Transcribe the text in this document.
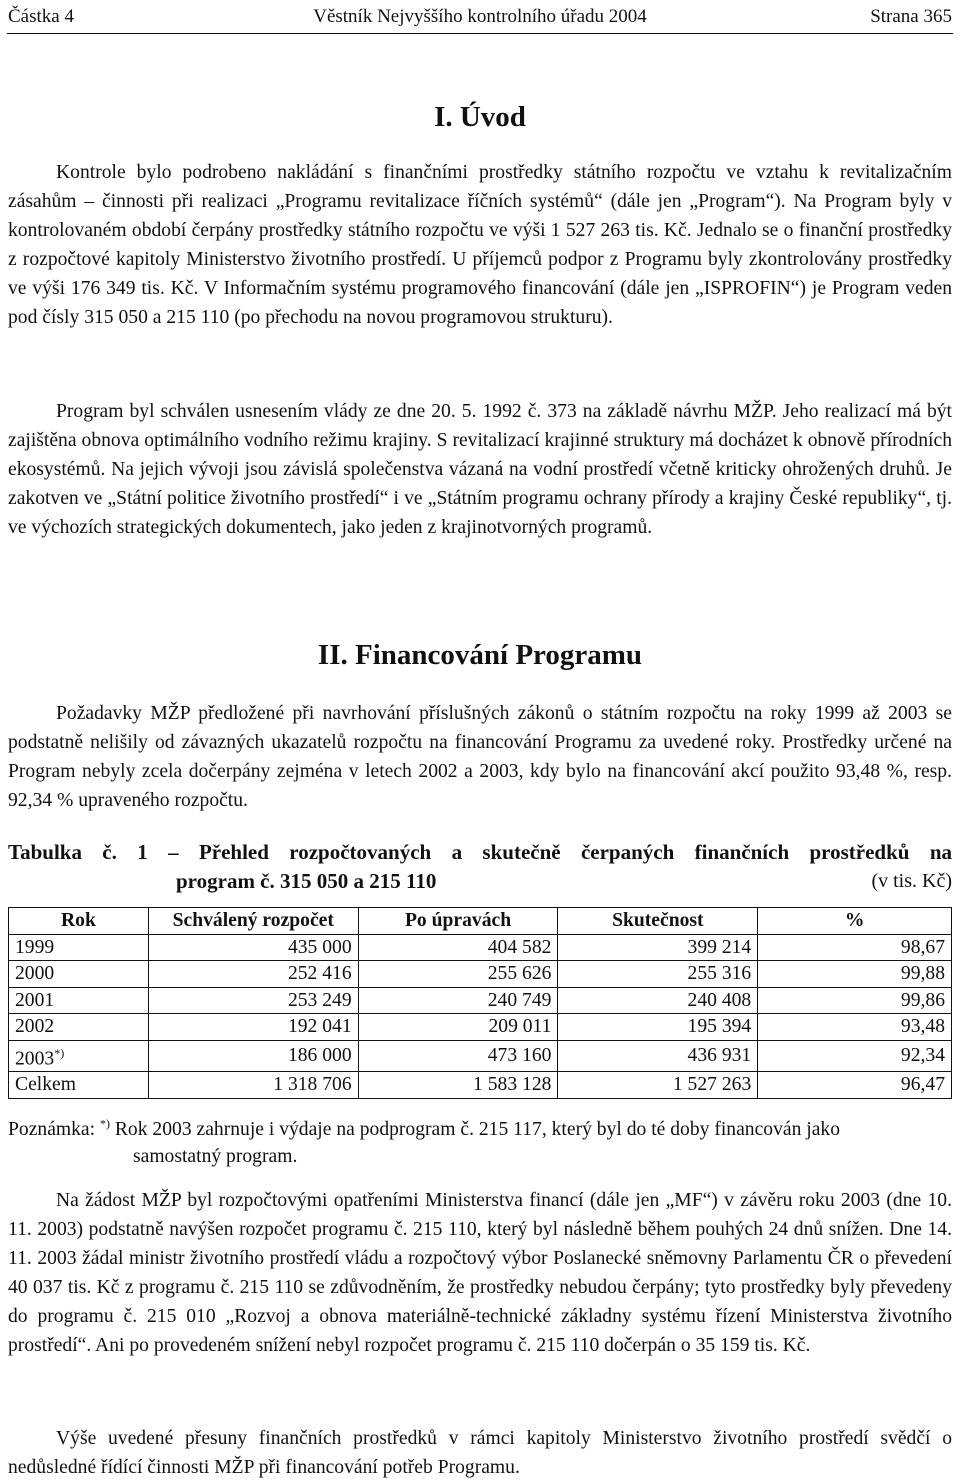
Částka 4	Věstník Nejvyššího kontrolního úřadu 2004	Strana 365
I. Úvod
Kontrole bylo podrobeno nakládání s finančními prostředky státního rozpočtu ve vztahu k revitalizačním zásahům – činnosti při realizaci „Programu revitalizace říčních systémů“ (dále jen „Program“). Na Program byly v kontrolovaném období čerpány prostředky státního rozpočtu ve výši 1 527 263 tis. Kč. Jednalo se o finanční prostředky z rozpočtové kapitoly Ministerstvo životního prostředí. U příjemců podpor z Programu byly zkontrolovány prostředky ve výši 176 349 tis. Kč. V Informačním systému programového financování (dále jen „ISPROFIN“) je Program veden pod čísly 315 050 a 215 110 (po přechodu na novou programovou strukturu).
Program byl schválen usnesením vlády ze dne 20. 5. 1992 č. 373 na základě návrhu MŽP. Jeho realizací má být zajištěna obnova optimálního vodního režimu krajiny. S revitalizací krajinné struktury má docházet k obnově přírodních ekosystémů. Na jejich vývoji jsou závislá společenstva vázaná na vodní prostředí včetně kriticky ohrožených druhů. Je zakotven ve „Státní politice životního prostředí“ i ve „Státním programu ochrany přírody a krajiny České republiky“, tj. ve výchozích strategických dokumentech, jako jeden z krajinotvorných programů.
II. Financování Programu
Požadavky MŽP předložené při navrhování příslušných zákonů o státním rozpočtu na roky 1999 až 2003 se podstatně nelišily od závazných ukazatelů rozpočtu na financování Programu za uvedené roky. Prostředky určené na Program nebyly zcela dočerpány zejména v letech 2002 a 2003, kdy bylo na financování akcí použito 93,48 %, resp. 92,34 % upraveného rozpočtu.
Tabulka č. 1 – Přehled rozpočtovaných a skutečně čerpaných finančních prostředků na
program č. 315 050 a 215 110	(v tis. Kč)
Rok	Schválený rozpočet	Po úpravách	Skutečnost	%
1999	435 000	404 582	399 214	98,67
2000	252 416	255 626	255 316	99,88
2001	253 249	240 749	240 408	99,86
2002	192 041	209 011	195 394	93,48
2003*)	186 000	473 160	436 931	92,34
Celkem	1 318 706	1 583 128	1 527 263	96,47
Poznámka: *) Rok 2003 zahrnuje i výdaje na podprogram č. 215 117, který byl do té doby financován jako
samostatný program.
Na žádost MŽP byl rozpočtovými opatřeními Ministerstva financí (dále jen „MF“) v závěru roku 2003 (dne 10. 11. 2003) podstatně navýšen rozpočet programu č. 215 110, který byl následně během pouhých 24 dnů snížen. Dne 14. 11. 2003 žádal ministr životního prostředí vládu a rozpočtový výbor Poslanecké sněmovny Parlamentu ČR o převedení 40 037 tis. Kč z programu č. 215 110 se zdůvodněním, že prostředky nebudou čerpány; tyto prostředky byly převedeny do programu č. 215 010 „Rozvoj a obnova materiálně-technické základny systému řízení Ministerstva životního prostředí“. Ani po provedeném snížení nebyl rozpočet programu č. 215 110 dočerpán o 35 159 tis. Kč.
Výše uvedené přesuny finančních prostředků v rámci kapitoly Ministerstvo životního prostředí svědčí o nedůsledné řídící činnosti MŽP při financování potřeb Programu.
